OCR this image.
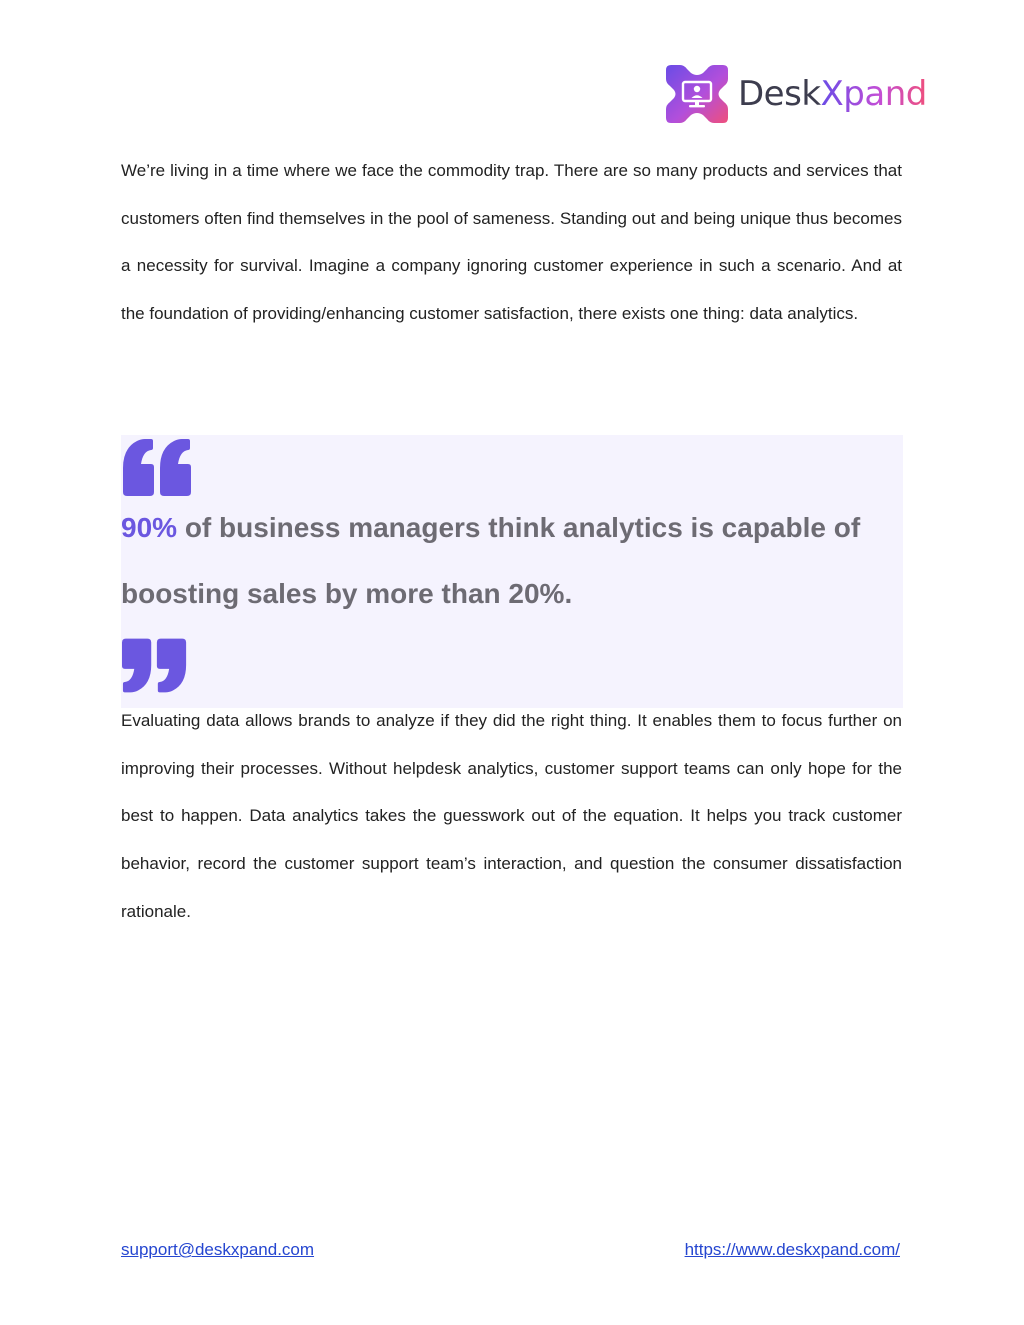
DeskXpand

We’re living in a time where we face the commodity trap. There are so many products and services that customers often find themselves in the pool of sameness. Standing out and being unique thus becomes a necessity for survival. Imagine a company ignoring customer experience in such a scenario. And at the foundation of providing/enhancing customer satisfaction, there exists one thing: data analytics.

90% of business managers think analytics is capable of boosting sales by more than 20%.

Evaluating data allows brands to analyze if they did the right thing. It enables them to focus further on improving their processes. Without helpdesk analytics, customer support teams can only hope for the best to happen. Data analytics takes the guesswork out of the equation. It helps you track customer behavior, record the customer support team’s interaction, and question the consumer dissatisfaction rationale.

support@deskxpand.com	https://www.deskxpand.com/
